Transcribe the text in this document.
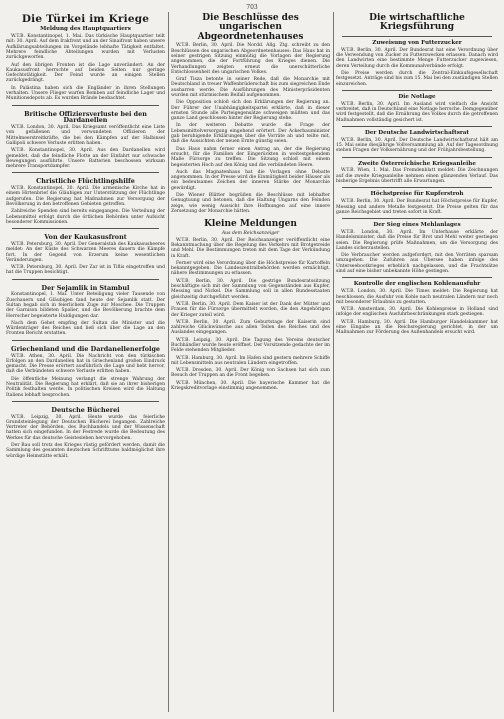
703
Die Türkei im Kriege
Meldung des Hauptquartiers
W.T.B. Konstantinopel, 1. Mai. Das türkische Hauptquartier teilt mit: 30. April. Auf dem Irakfront und an der Sinaifront haben unsere Aufklärungsabteilungen im Vorgelände lebhafte Tätigkeit entfaltet. Mehrere feindliche Abteilungen wurden mit Verlusten zurückgeworfen.
Auf den übrigen Fronten ist die Lage unverändert. An der Kaukasusfront herrschte auf beiden Seiten nur geringe Gefechtstätigkeit. Der Feind wurde an einigen Stellen zurückgedrängt.
In Palästina haben sich die Engländer in ihren Stellungen verhalten. Unsere Flieger warfen Bomben auf feindliche Lager und Munitionsdepots ab. Es wurden Brände beobachtet.
Britische Offiziersverluste bei den Dardanellen
W.T.B. London, 30. April. Das Kriegsamt veröffentlicht eine Liste von gefallenen und verwundeten Offizieren der Mittelmeerstreitkräfte, die bei den Kämpfen auf der Halbinsel Gallipoli schwere Verluste erlitten haben.
W.T.B. Konstantinopel, 30. April. Aus den Dardanellen wird gemeldet, daß die feindliche Flotte an der Einfahrt nur schwache Bewegungen ausführte. Unsere Batterien beschossen wirksam mehrere Transportdampfer.
Christliche Flüchtlingshilfe
W.T.B. Konstantinopel, 30. April. Die armenische Kirche hat in einem Hirtenbrief die Gläubigen zur Unterstützung der Flüchtlinge aufgerufen. Die Regierung hat Maßnahmen zur Versorgung der Bevölkerung in den betroffenen Gebieten getroffen.
Zahlreiche Spenden sind bereits eingegangen. Die Verteilung der Lebensmittel erfolgt durch die örtlichen Behörden unter Aufsicht besonderer Kommissionen.
Von der Kaukasusfront
W.T.B. Petersburg, 30. April. Der Generalstab des Kaukasusheeres meldet: An der Küste des Schwarzen Meeres dauern die Kämpfe fort. In der Gegend von Erzerum keine wesentlichen Veränderungen.
W.T.B. Petersburg, 30. April. Der Zar ist in Tiflis eingetroffen und hat die Truppen besichtigt.
Der Sejamlik in Stambul
Konstantinopel, 1. Mai. Unter Beteiligung vieler Tausende von Zuschauern und Gläubigen fand heute der Sejamlik statt. Der Sultan begab sich in feierlichem Zuge zur Moschee. Die Truppen der Garnison bildeten Spalier, und die Bevölkerung brachte dem Herrscher begeisterte Huldigungen dar.
Nach dem Gebet empfing der Sultan die Minister und die Würdenträger des Reiches und ließ sich über die Lage an den Fronten Bericht erstatten.
Griechenland und die Dardanellenerfolge
W.T.B. Athen, 30. April. Die Nachricht von den türkischen Erfolgen an den Dardanellen hat in Griechenland großen Eindruck gemacht. Die Presse erörtert ausführlich die Lage und hebt hervor, daß die Verbündeten schwere Verluste erlitten haben.
Die öffentliche Meinung verlangt die strenge Wahrung der Neutralität. Die Regierung hat erklärt, daß sie an ihrer bisherigen Politik festhalten werde. In politischen Kreisen wird die Haltung Italiens lebhaft besprochen.
Deutsche Bücherei
W.T.B. Leipzig, 30. April. Heute wurde das feierliche Grundsteinlegung der Deutschen Bücherei begangen. Zahlreiche Vertreter der Behörden, des Buchhandels und der Wissenschaft hatten sich eingefunden. In der Festrede wurde die Bedeutung des Werkes für das deutsche Geistesleben hervorgehoben.
Der Bau soll trotz des Krieges rüstig gefördert werden, damit die Sammlung des gesamten deutschen Schrifttums baldmöglichst ihre würdige Heimstätte erhält.
Die Beschlüsse des ungarischen Abgeordnetenhauses
W.T.B. Berlin, 30. April. Die Nordd. Allg. Ztg. schreibt zu den Beschlüssen des ungarischen Abgeordnetenhauses: Das Haus hat in seiner gestrigen Sitzung einmütig die Vorlagen der Regierung angenommen, die der Fortführung des Krieges dienen. Die Verhandlungen zeigten erneut die unerschütterliche Entschlossenheit des ungarischen Volkes.
Graf Tisza betonte in seiner Rede, daß die Monarchie mit Deutschland in treuer Waffenbrüderschaft bis zum siegreichen Ende ausharren werde. Die Ausführungen des Ministerpräsidenten wurden mit stürmischem Beifall aufgenommen.
Die Opposition schloß sich den Erklärungen der Regierung an. Der Führer der Unabhängigkeitspartei erklärte, daß in dieser ernsten Stunde alle Parteigegensätze schweigen müßten und das ganze Land geschlossen hinter der Regierung stehe.
In der weiteren Debatte wurde die Frage der Lebensmittelversorgung eingehend erörtert. Der Ackerbauminister gab beruhigende Erklärungen über die Vorräte ab und teilte mit, daß die Aussichten der neuen Ernte günstig seien.
Das Haus nahm ferner einen Antrag an, der die Regierung ersucht, für die Familien der Eingerückten in weitestgehendem Maße Fürsorge zu treffen. Die Sitzung schloß mit einem begeisterten Hoch auf den König und die verbündeten Heere.
Auch das Magnatenhaus hat die Vorlagen ohne Debatte angenommen. In der Presse wird die Einmütigkeit beider Häuser als ein bedeutsames Zeichen der inneren Stärke der Monarchie gewürdigt.
Die Wiener Blätter begrüßen die Beschlüsse mit lebhafter Genugtuung und betonen, daß die Haltung Ungarns den Feinden zeige, wie wenig Aussicht ihre Hoffnungen auf eine innere Zersetzung der Monarchie hätten.
Kleine Meldungen
Aus dem Reichsanzeiger
W.T.B. Berlin, 30. April. Der Reichsanzeiger veröffentlicht eine Bekanntmachung über die Regelung des Verkehrs mit Brotgetreide und Mehl. Die Bestimmungen treten mit dem Tage der Verkündung in Kraft.
Ferner wird eine Verordnung über die Höchstpreise für Kartoffeln bekanntgegeben. Die Landeszentralbehörden werden ermächtigt, nähere Bestimmungen zu erlassen.
W.T.B. Berlin, 30. April. Die gestrige Bundesratssitzung beschäftigte sich mit der Sammlung von Gegenständen aus Kupfer, Messing und Nickel. Die Sammlung soll in allen Bundesstaaten gleichzeitig durchgeführt werden.
W.T.B. Berlin, 30. April. Dem Kaiser ist der Dank der Mütter und Frauen für die Fürsorge übermittelt worden, die den Angehörigen der Krieger zuteil wird.
W.T.B. Berlin, 30. April. Zum Geburtstage der Kaiserin sind zahlreiche Glückwünsche aus allen Teilen des Reiches und des Auslandes eingegangen.
W.T.B. Leipzig, 30. April. Die Tagung des Vereins deutscher Buchhändler wurde heute eröffnet. Der Vorsitzende gedachte der im Felde stehenden Mitglieder.
W.T.B. Hamburg, 30. April. Im Hafen sind gestern mehrere Schiffe mit Lebensmitteln aus neutralen Ländern eingetroffen.
W.T.B. Dresden, 30. April. Der König von Sachsen hat sich zum Besuch der Truppen an die Front begeben.
W.T.B. München, 30. April. Die bayerische Kammer hat die Kriegskreditvorlage einstimmig angenommen.
Die wirtschaftliche Kriegsführung
Zuweisung von Futterzucker
W.T.B. Berlin, 30. April. Der Bundesrat hat eine Verordnung über die Verwendung von Zucker zu Futterzwecken erlassen. Danach wird den Landwirten eine bestimmte Menge Futterzucker zugewiesen, deren Verteilung durch die Kommunalverbände erfolgt.
Die Preise werden durch die Zentral-Einkaufsgesellschaft festgesetzt. Anträge sind bis zum 15. Mai bei den zuständigen Stellen einzureichen.
Die Notlage
W.T.B. Berlin, 30. April. Im Ausland wird vielfach die Ansicht verbreitet, daß in Deutschland eine Notlage herrsche. Demgegenüber wird festgestellt, daß die Ernährung des Volkes durch die getroffenen Maßnahmen vollständig gesichert ist.
Der Deutsche Landwirtschaftsrat
W.T.B. Berlin, 30. April. Der Deutsche Landwirtschaftsrat hält am 15. Mai seine diesjährige Vollversammlung ab. Auf der Tagesordnung stehen Fragen der Volksernährung und der Frühjahrsbestellung.
Zweite Österreichische Kriegsanleihe
W.T.B. Wien, 1. Mai. Das Fremdenblatt meldet: Die Zeichnungen auf die zweite Kriegsanleihe nehmen einen glänzenden Verlauf. Das bisherige Ergebnis übertrifft alle Erwartungen.
Höchstpreise für Kupferstroh
W.T.B. Berlin, 30. April. Der Bundesrat hat Höchstpreise für Kupfer, Messing und andere Metalle festgesetzt. Die Preise gelten für das ganze Reichsgebiet und treten sofort in Kraft.
Der Sieg eines Mehlanlages
W.T.B. London, 30. April. Im Unterhause erklärte der Handelsminister, daß die Preise für Brot und Mehl weiter gestiegen seien. Die Regierung prüfe Maßnahmen, um die Versorgung des Landes sicherzustellen.
Die Verbraucher werden aufgefordert, mit den Vorräten sparsam umzugehen. Die Zufuhren aus Übersee haben infolge des Unterseebootkrieges erheblich nachgelassen, und die Frachtsätze sind auf eine bisher unbekannte Höhe gestiegen.
Kontrolle der englischen Kohlenausfuhr
W.T.B. London, 30. April. Die Times meldet: Die Regierung hat beschlossen, die Ausfuhr von Kohle nach neutralen Ländern nur noch mit besonderer Erlaubnis zu gestatten.
W.T.B. Amsterdam, 30. April. Die Kohlenpreise in Holland sind infolge der englischen Ausfuhrbeschränkungen stark gestiegen.
W.T.B. Hamburg, 30. April. Die Hamburger Handelskammer hat eine Eingabe an die Reichsregierung gerichtet, in der um Maßnahmen zur Förderung des Außenhandels ersucht wird.
